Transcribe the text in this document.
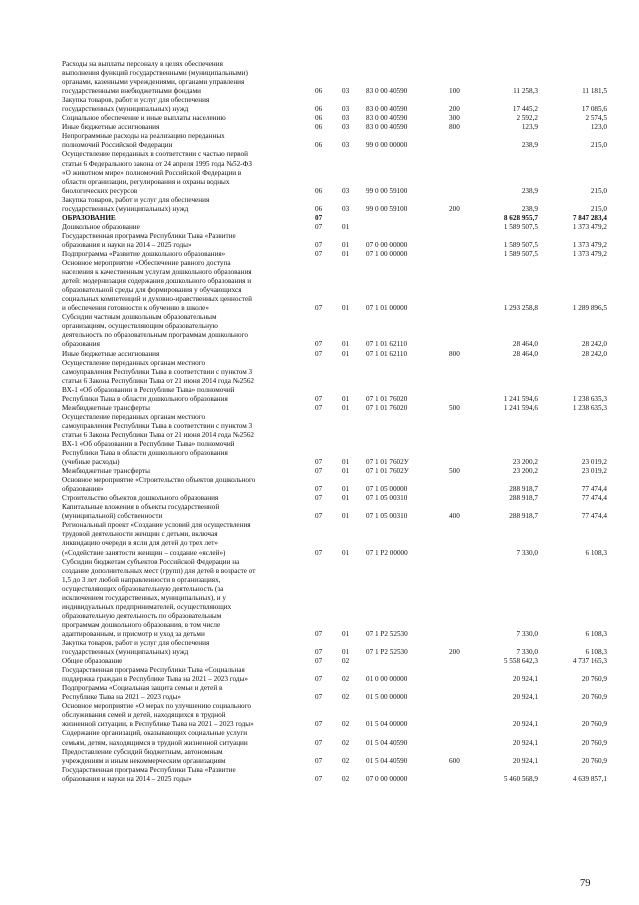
Расходы на выплаты персоналу в целях обеспечения
выполнения функций государственными (муниципальными)
органами, казенными учреждениями, органами управления
государственными внебюджетными фондами	06	03 83 0 00 40590	100	11 258,3	11 181,5
Закупка товаров, работ и услуг для обеспечения
государственных (муниципальных) нужд	06	03 83 0 00 40590	200	17 445,2	17 085,6
Социальное обеспечение и иные выплаты населению	06	03 83 0 00 40590	300	2 592,2	2 574,5
Иные бюджетные ассигнования	06	03 83 0 00 40590	800	123,9	123,0
Непрограммные расходы на реализацию переданных
полномочий Российской Федерации	06	03 99 0 00 00000	238,9	215,0
Осуществление переданных в соответствии с частью первой
статьи 6 Федерального закона от 24 апреля 1995 года №52-ФЗ
«О животном мире» полномочий Российской Федерации в
области организации, регулирования и охраны водных
биологических ресурсов	06	03 99 0 00 59100	238,9	215,0
Закупка товаров, работ и услуг для обеспечения
государственных (муниципальных) нужд	06	03 99 0 00 59100	200	238,9	215,0
ОБРАЗОВАНИЕ	07	8 628 955,7	7 847 283,4
Дошкольное образование	07	01	1 589 507,5	1 373 479,2
Государственная программа Республики Тыва «Развитие
образования и науки на 2014 – 2025 годы»	07	01 07 0 00 00000	1 589 507,5	1 373 479,2
Подпрограмма «Развитие дошкольного образования»	07	01 07 1 00 00000	1 589 507,5	1 373 479,2
Основное мероприятие «Обеспечение равного доступа
населения к качественным услугам дошкольного образования
детей: модернизация содержания дошкольного образования и
образовательной среды для формирования у обучающихся
социальных компетенций и духовно-нравственных ценностей
и обеспечения готовности к обучению в школе»	07	01 07 1 01 00000	1 293 258,8	1 289 896,5
Субсидии частным дошкольным образовательным
организациям, осуществляющим образовательную
деятельность по образовательным программам дошкольного
образования	07	01 07 1 01 62110	28 464,0	28 242,0
Иные бюджетные ассигнования	07	01 07 1 01 62110	800	28 464,0	28 242,0
Осуществление переданных органам местного
самоуправления Республики Тыва в соответствии с пунктом 3
статьи 6 Закона Республики Тыва от 21 июня 2014 года №2562
ВХ-1 «Об образовании в Республике Тыва» полномочий
Республики Тыва в области дошкольного образования	07	01 07 1 01 76020	1 241 594,6	1 238 635,3
Межбюджетные трансферты	07	01 07 1 01 76020	500	1 241 594,6	1 238 635,3
Осуществление переданных органам местного
самоуправления Республики Тыва в соответствии с пунктом 3
статьи 6 Закона Республики Тыва от 21 июня 2014 года №2562
ВХ-1 «Об образовании в Республике Тыва» полномочий
Республики Тыва в области дошкольного образования
(учебные расходы)	07	01 07 1 01 7602У	23 200,2	23 019,2
Межбюджетные трансферты	07	01 07 1 01 7602У	500	23 200,2	23 019,2
Основное мероприятие «Строительство объектов дошкольного
образования»	07	01 07 1 05 00000	288 918,7	77 474,4
Строительство объектов дошкольного образования	07	01 07 1 05 00310	288 918,7	77 474,4
Капитальные вложения в объекты государственной
(муниципальной) собственности	07	01 07 1 05 00310	400	288 918,7	77 474,4
Региональный проект «Создание условий для осуществления
трудовой деятельности женщин с детьми, включая
ликвидацию очереди в ясли для детей до трех лет»
(«Содействие занятости женщин – создание «яслей»)	07	01 07 1 Р2 00000	7 330,0	6 108,3
Субсидии бюджетам субъектов Российской Федерации на
создание дополнительных мест (групп) для детей в возрасте от
1,5 до 3 лет любой направленности в организациях,
осуществляющих образовательную деятельность (за
исключением государственных, муниципальных), и у
индивидуальных предпринимателей, осуществляющих
образовательную деятельность по образовательным
программам дошкольного образования, в том числе
адаптированным, и присмотр и уход за детьми	07	01 07 1 Р2 52530	7 330,0	6 108,3
Закупка товаров, работ и услуг для обеспечения
государственных (муниципальных) нужд	07	01 07 1 Р2 52530	200	7 330,0	6 108,3
Общее образование	07	02	5 558 642,3	4 737 165,3
Государственная программа Республики Тыва «Социальная
поддержка граждан в Республике Тыва на 2021 – 2023 годы»	07	02 01 0 00 00000	20 924,1	20 760,9
Подпрограмма «Социальная защита семьи и детей в
Республике Тыва на 2021 – 2023 годы»	07	02 01 5 00 00000	20 924,1	20 760,9
Основное мероприятие «О мерах по улучшению социального
обслуживания семей и детей, находящихся в трудной
жизненной ситуации, в Республике Тыва на 2021 – 2023 годы»	07	02 01 5 04 00000	20 924,1	20 760,9
Содержание организаций, оказывающих социальные услуги
семьям, детям, находящимся в трудной жизненной ситуации	07	02 01 5 04 40590	20 924,1	20 760,9
Предоставление субсидий бюджетным, автономным
учреждениям и иным некоммерческим организациям	07	02 01 5 04 40590	600	20 924,1	20 760,9
Государственная программа Республики Тыва «Развитие
образования и науки на 2014 – 2025 годы»	07	02 07 0 00 00000	5 460 568,9	4 639 857,1
79
